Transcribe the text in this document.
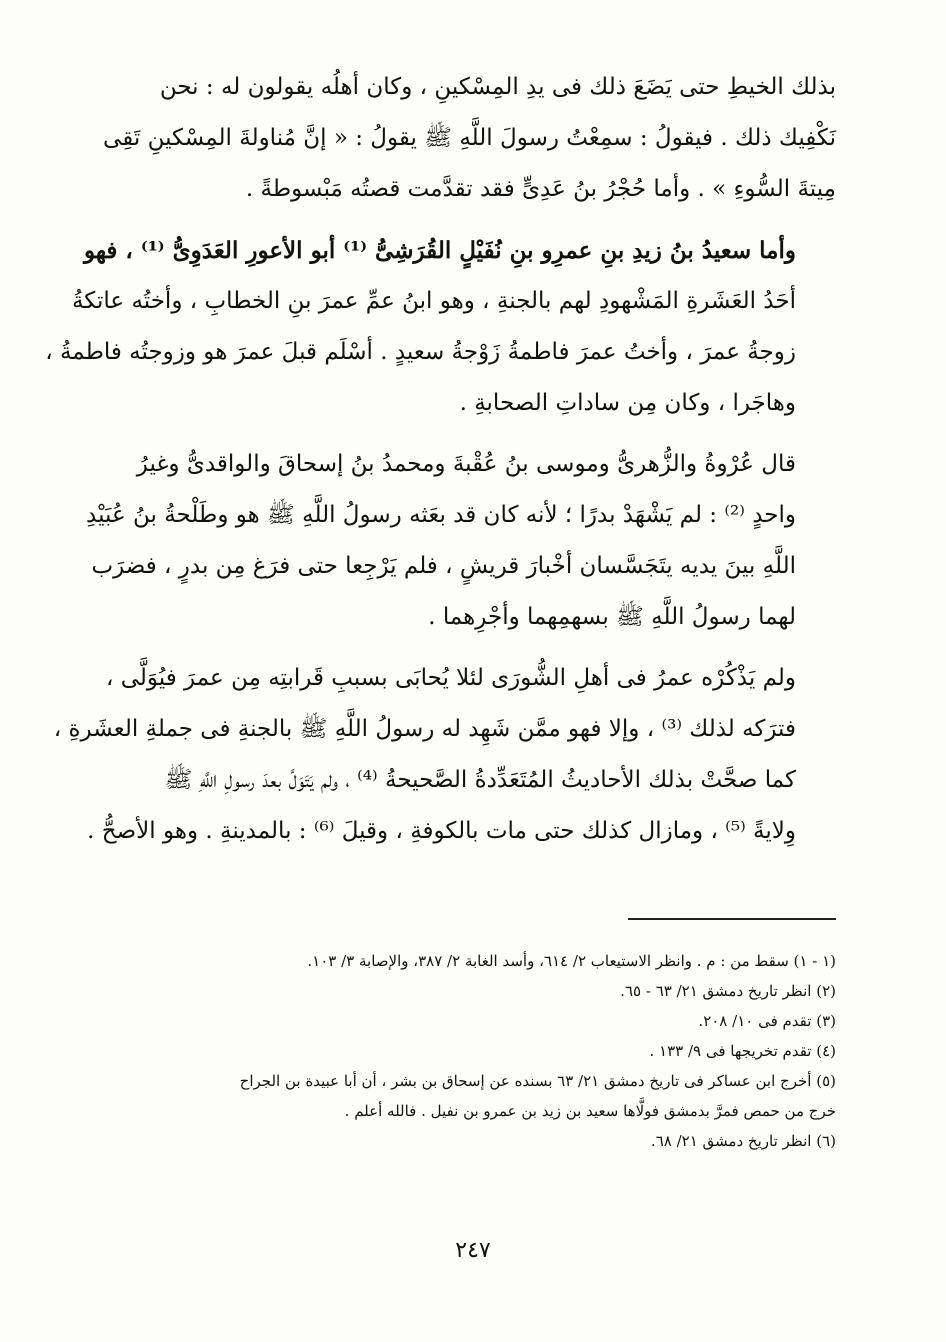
بذلك الخيطِ حتى يَضَعَ ذلك فى يدِ المِسْكينِ ، وكان أهلُه يقولون له : نحن
نَكْفِيك ذلك . فيقولُ : سمِعْتُ رسولَ اللَّهِ ﷺ يقولُ : « إنَّ مُناولةَ المِسْكينِ تَقِى
مِيتةَ السُّوءِ » . وأما حُجْرُ بنُ عَدِىٍّ فقد تقدَّمت قصتُه مَبْسوطةً .
وأما سعيدُ بنُ زيدِ بنِ عمرِو بنِ نُفَيْلٍ القُرَشِىُّ ⁽¹⁾ أبو الأعورِ العَدَوِىُّ ⁽¹⁾ ، فهو
أحَدُ العَشَرةِ المَشْهودِ لهم بالجنةِ ، وهو ابنُ عمِّ عمرَ بنِ الخطابِ ، وأختُه عاتكةُ
زوجةُ عمرَ ، وأختُ عمرَ فاطمةُ زَوْجةُ سعيدٍ . أسْلَم قبلَ عمرَ هو وزوجتُه فاطمةُ ،
وهاجَرا ، وكان مِن ساداتِ الصحابةِ .
قال عُرْوةُ والزُّهرىُّ وموسى بنُ عُقْبةَ ومحمدُ بنُ إسحاقَ والواقدىُّ وغيرُ
واحدٍ ⁽²⁾ : لم يَشْهَدْ بدرًا ؛ لأنه كان قد بعَثه رسولُ اللَّهِ ﷺ هو وطَلْحةُ بنُ عُبَيْدِ
اللَّهِ بينَ يديه يتَجَسَّسان أخْبارَ قريشٍ ، فلم يَرْجِعا حتى فرَغ مِن بدرٍ ، فضرَب
لهما رسولُ اللَّهِ ﷺ بسهمِهما وأجْرِهما .
ولم يَذْكُرْه عمرُ فى أهلِ الشُّورَى لئلا يُحابَى بسببِ قَرابتِه مِن عمرَ فيُوَلَّى ،
فترَكه لذلك ⁽³⁾ ، وإلا فهو ممَّن شَهِد له رسولُ اللَّهِ ﷺ بالجنةِ فى جملةِ العشَرةِ ،
كما صحَّتْ بذلك الأحاديثُ المُتَعَدِّدةُ الصَّحيحةُ ⁽⁴⁾ ، ولم يَتَوَلَّ بعدَ رسولِ اللَّهِ ﷺ
وِلايةً ⁽⁵⁾ ، ومازال كذلك حتى مات بالكوفةِ ، وقيلَ ⁽⁶⁾ : بالمدينةِ . وهو الأصحُّ .

(١ - ١) سقط من : م . وانظر الاستيعاب ٢/ ٦١٤، وأسد الغابة ٢/ ٣٨٧، والإصابة ٣/ ١٠٣.

(٢) انظر تاريخ دمشق ٢١/ ٦٣ - ٦٥.

(٣) تقدم فى ١٠/ ٢٠٨.

(٤) تقدم تخريجها فى ٩/ ١٣٣ .

(٥) أخرج ابن عساكر فى تاريخ دمشق ٢١/ ٦٣ بسنده عن إسحاق بن بشر ، أن أبا عبيدة بن الجراح

خرج من حمص فمرَّ بدمشق فولَّاها سعيد بن زيد بن عمرو بن نفيل . فالله أعلم .

(٦) انظر تاريخ دمشق ٢١/ ٦٨.

٢٤٧
